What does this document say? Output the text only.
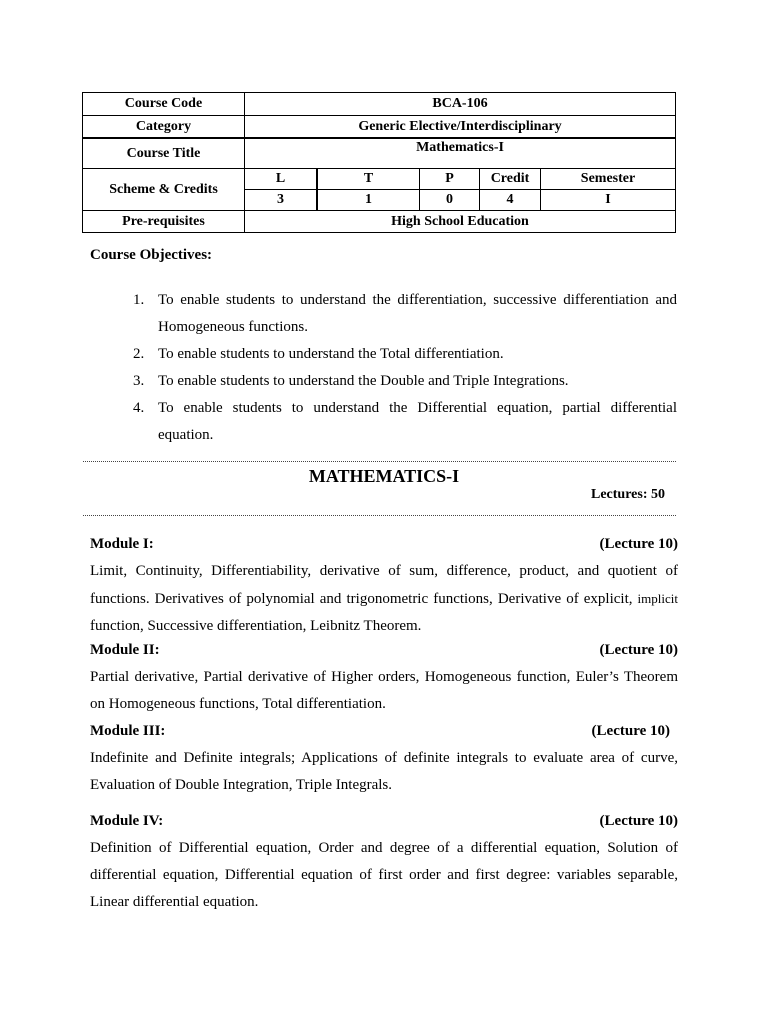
Course Code	BCA-106
Category	Generic Elective/Interdisciplinary
Course Title	Mathematics-I
Scheme & Credits
L	T	P	Credit	Semester
3	1	0	4	I
Pre-requisites	High School Education
Course Objectives:
1. To enable students to understand the differentiation, successive differentiation and Homogeneous functions.
2. To enable students to understand the Total differentiation.
3. To enable students to understand the Double and Triple Integrations.
4. To enable students to understand the Differential equation, partial differential equation.
MATHEMATICS-I
Lectures: 50
Module I:	(Lecture 10)
Limit, Continuity, Differentiability, derivative of sum, difference, product, and quotient of functions. Derivatives of polynomial and trigonometric functions, Derivative of explicit, implicit function, Successive differentiation, Leibnitz Theorem.
Module II:	(Lecture 10)
Partial derivative, Partial derivative of Higher orders, Homogeneous function, Euler’s Theorem on Homogeneous functions, Total differentiation.
Module III:	(Lecture 10)
Indefinite and Definite integrals; Applications of definite integrals to evaluate area of curve, Evaluation of Double Integration, Triple Integrals.
Module IV:	(Lecture 10)
Definition of Differential equation, Order and degree of a differential equation, Solution of differential equation, Differential equation of first order and first degree: variables separable, Linear differential equation.
